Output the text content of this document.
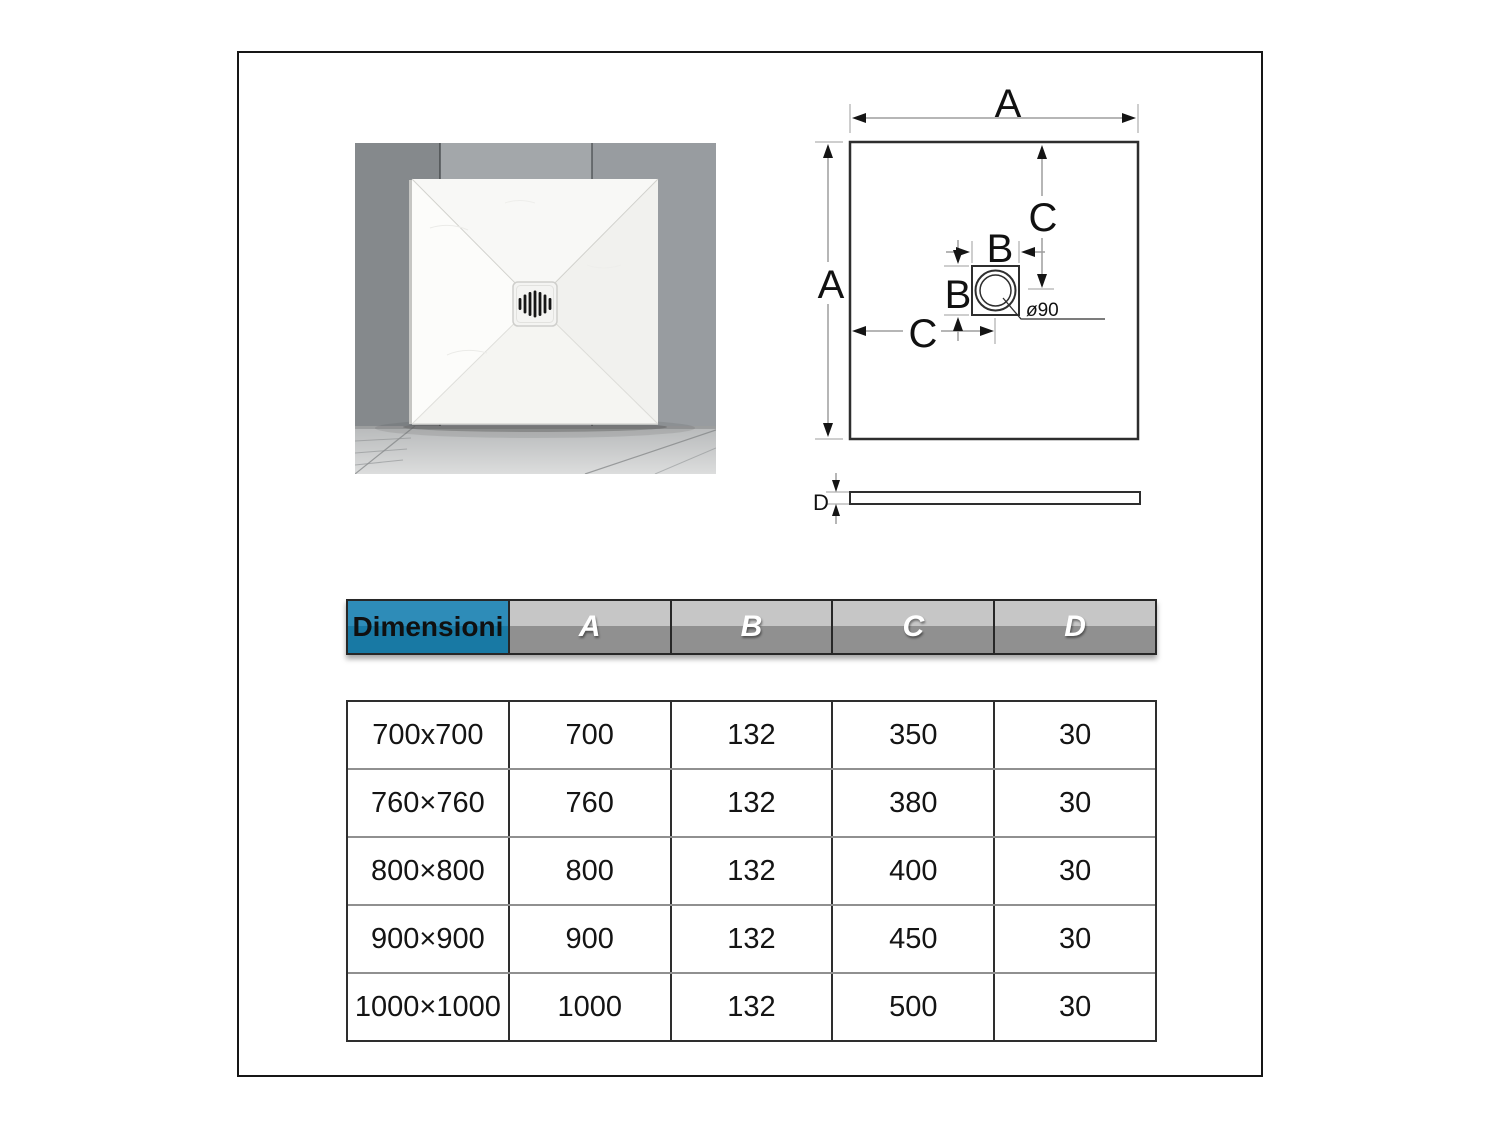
A
A
C
B
B
C
ø90
D
Dimensioni	A	B	C	D
700x700	700	132	350	30
760×760	760	132	380	30
800×800	800	132	400	30
900×900	900	132	450	30
1000×1000	1000	132	500	30
